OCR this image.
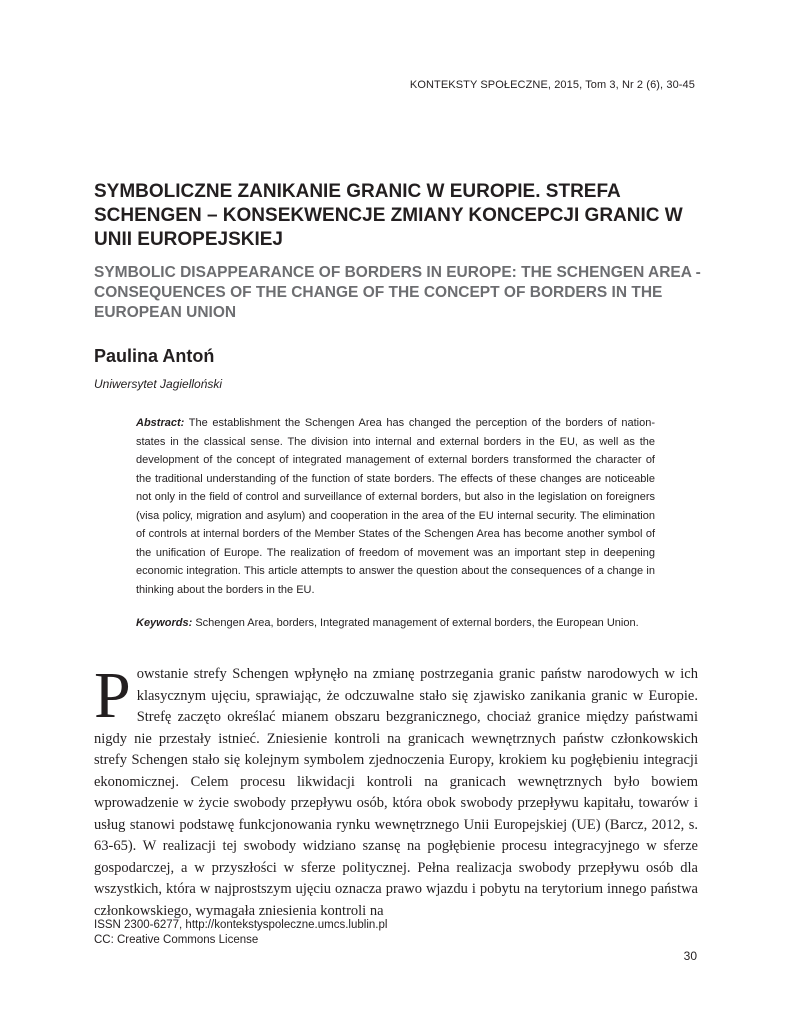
KONTEKSTY SPOŁECZNE, 2015, Tom 3, Nr 2 (6), 30-45
SYMBOLICZNE ZANIKANIE GRANIC W EUROPIE. STREFA SCHENGEN – KONSEKWENCJE ZMIANY KONCEPCJI GRANIC W UNII EUROPEJSKIEJ
SYMBOLIC DISAPPEARANCE OF BORDERS IN EUROPE: THE SCHENGEN AREA - CONSEQUENCES OF THE CHANGE OF THE CONCEPT OF BORDERS IN THE EUROPEAN UNION
Paulina Antoń
Uniwersytet Jagielloński
Abstract: The establishment the Schengen Area has changed the perception of the borders of nation-states in the classical sense. The division into internal and external borders in the EU, as well as the development of the concept of integrated management of external borders transformed the character of the traditional understanding of the function of state borders. The effects of these changes are noticeable not only in the field of control and surveillance of external borders, but also in the legislation on foreigners (visa policy, migration and asylum) and cooperation in the area of the EU internal security. The elimination of controls at internal borders of the Member States of the Schengen Area has become another symbol of the unification of Europe. The realization of freedom of movement was an important step in deepening economic integration. This article attempts to answer the question about the consequences of a change in thinking about the borders in the EU.
Keywords: Schengen Area, borders, Integrated management of external borders, the European Union.
P owstanie strefy Schengen wpłynęło na zmianę postrzegania granic państw narodowych w ich klasycznym ujęciu, sprawiając, że odczuwalne stało się zjawisko zanikania granic w Europie. Strefę zaczęto określać mianem obszaru bezgranicznego, chociaż granice między państwami nigdy nie przestały istnieć. Zniesienie kontroli na granicach wewnętrznych państw członkowskich strefy Schengen stało się kolejnym symbolem zjednoczenia Europy, krokiem ku pogłębieniu integracji ekonomicznej. Celem procesu likwidacji kontroli na granicach wewnętrznych było bowiem wprowadzenie w życie swobody przepływu osób, która obok swobody przepływu kapitału, towarów i usług stanowi podstawę funkcjonowania rynku wewnętrznego Unii Europejskiej (UE) (Barcz, 2012, s. 63-65). W realizacji tej swobody widziano szansę na pogłębienie procesu integracyjnego w sferze gospodarczej, a w przyszłości w sferze politycznej. Pełna realizacja swobody przepływu osób dla wszystkich, która w najprostszym ujęciu oznacza prawo wjazdu i pobytu na terytorium innego państwa członkowskiego, wymagała zniesienia kontroli na
ISSN 2300-6277, http://kontekstyspoleczne.umcs.lublin.pl
CC: Creative Commons License
30
